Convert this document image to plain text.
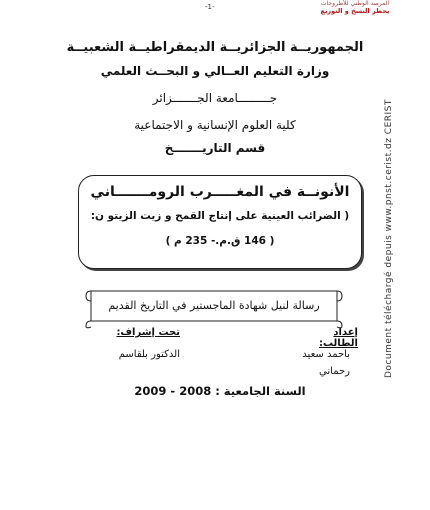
-1-	المرصد الوطني للأطروحات
يحظر النسخ و التوزيع
الجمهوريــة الجزائريــة الديمقراطيــة الشعبيــة
وزارة التعليم العــالي و البحــث العلمي
جـــــــــامعة الجـــــــزائر
كلية العلوم الإنسانية و الاجتماعية
قسم التاريـــــــخ
الأنونــة في المغـــــرب الرومـــــــاني
( الضرائب العينية على إنتاج القمح و زيت الزيتو ن:
( 146 ق.م.- 235 م )
رسالة لنيل شهادة الماجستير في التاريخ القديم
إعداد الطالب:
تحت إشراف:
باحمد سعيد
رحماني
الدكتور بلقاسم
السنة الجامعية : 2008 - 2009
Document téléchargé depuis www.pnst.cerist.dz CERIST
